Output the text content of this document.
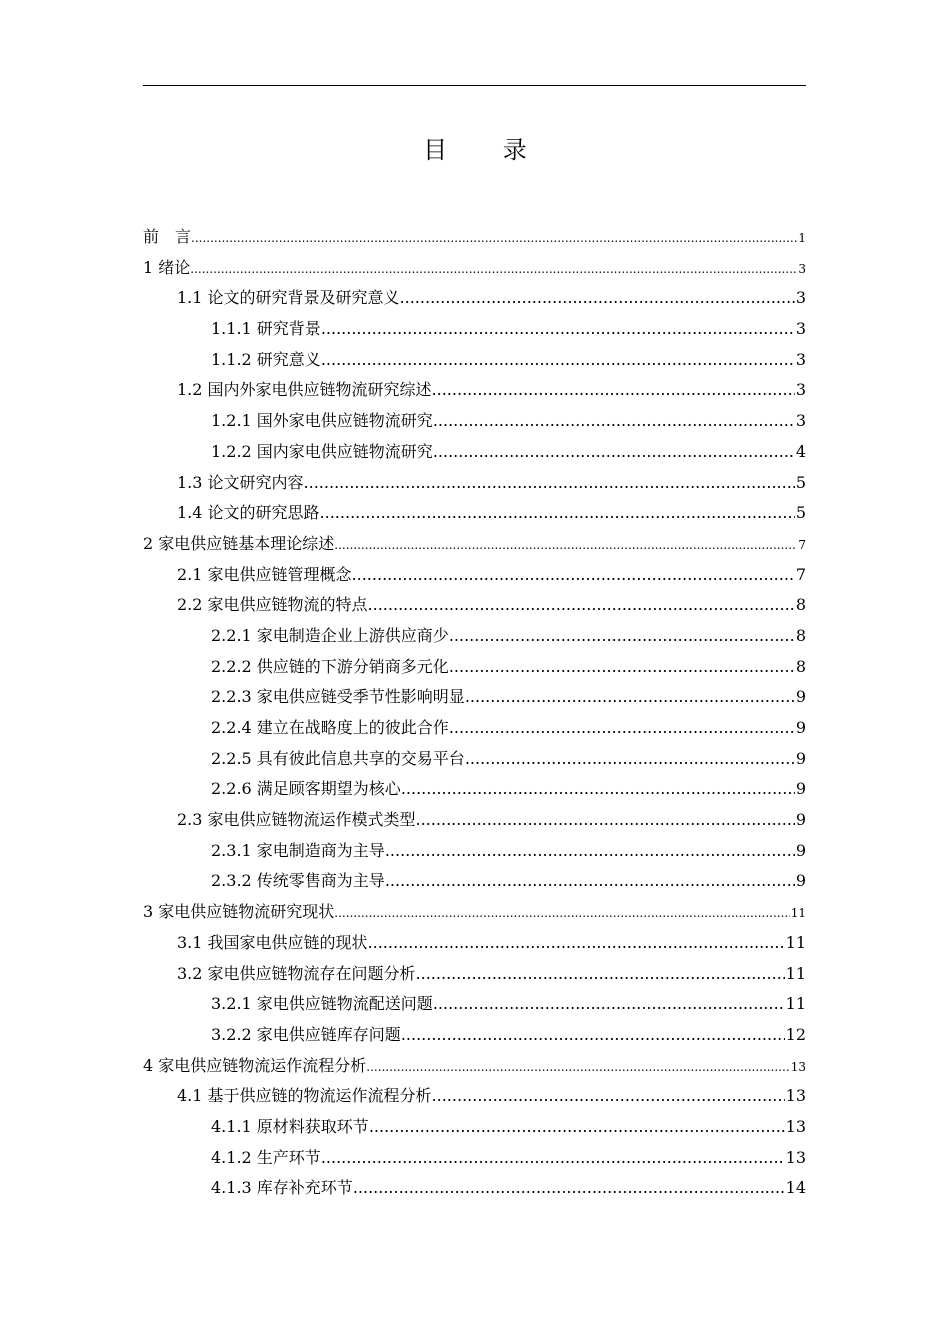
目 录
前　言 .....	1
1 绪论 .....	3
1.1 论文的研究背景及研究意义 .....	3
1.1.1 研究背景 .....	3
1.1.2 研究意义 .....	3
1.2 国内外家电供应链物流研究综述 .....	3
1.2.1 国外家电供应链物流研究 .....	3
1.2.2 国内家电供应链物流研究 .....	4
1.3 论文研究内容 .....	5
1.4 论文的研究思路 .....	5
2 家电供应链基本理论综述 .....	7
2.1 家电供应链管理概念 .....	7
2.2 家电供应链物流的特点 .....	8
2.2.1 家电制造企业上游供应商少 .....	8
2.2.2 供应链的下游分销商多元化 .....	8
2.2.3 家电供应链受季节性影响明显 .....	9
2.2.4 建立在战略度上的彼此合作 .....	9
2.2.5 具有彼此信息共享的交易平台 .....	9
2.2.6 满足顾客期望为核心 .....	9
2.3 家电供应链物流运作模式类型 .....	9
2.3.1 家电制造商为主导 .....	9
2.3.2 传统零售商为主导 .....	9
3 家电供应链物流研究现状 .....	11
3.1 我国家电供应链的现状 .....	11
3.2 家电供应链物流存在问题分析 .....	11
3.2.1 家电供应链物流配送问题 .....	11
3.2.2 家电供应链库存问题 .....	12
4 家电供应链物流运作流程分析 .....	13
4.1 基于供应链的物流运作流程分析 .....	13
4.1.1 原材料获取环节 .....	13
4.1.2 生产环节 .....	13
4.1.3 库存补充环节 .....	14
